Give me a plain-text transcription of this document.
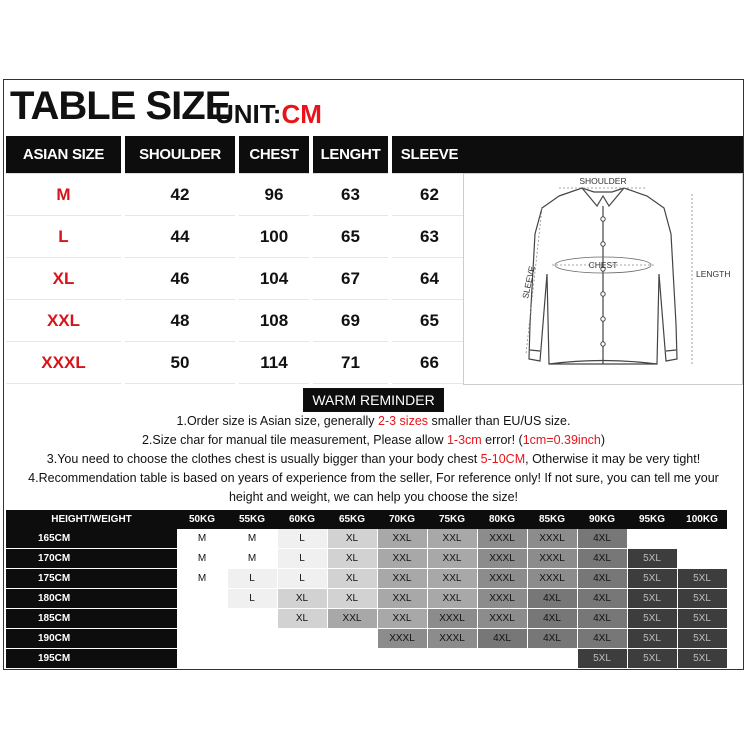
TABLE SIZE
UNIT:CM
ASIAN SIZE	SHOULDER	CHEST	LENGHT	SLEEVE
M	42	96	63	62
L	44	100	65	63
XL	46	104	67	64
XXL	48	108	69	65
XXXL	50	114	71	66
SHOULDER
CHEST
LENGTH
SLEEVE
WARM REMINDER

1.Order size is Asian size, generally 2-3 sizes smaller than EU/US size.

2.Size char for manual tile measurement, Please allow 1-3cm error! (1cm=0.39inch)

3.You need to choose the clothes chest is usually bigger than your body chest 5-10CM, Otherwise it may be very tight!

4.Recommendation table is based on years of experience from the seller, For reference only! If not sure, you can tell me your

height and weight, we can help you choose the size!

HEIGHT/WEIGHT	50KG	55KG	60KG	65KG	70KG	75KG	80KG	85KG	90KG	95KG	100KG
165CM	M	M	L	XL	XXL	XXL	XXXL	XXXL	4XL		
170CM	M	M	L	XL	XXL	XXL	XXXL	XXXL	4XL	5XL	
175CM	M	L	L	XL	XXL	XXL	XXXL	XXXL	4XL	5XL	5XL
180CM		L	XL	XL	XXL	XXL	XXXL	4XL	4XL	5XL	5XL
185CM			XL	XXL	XXL	XXXL	XXXL	4XL	4XL	5XL	5XL
190CM					XXXL	XXXL	4XL	4XL	4XL	5XL	5XL
195CM									5XL	5XL	5XL
